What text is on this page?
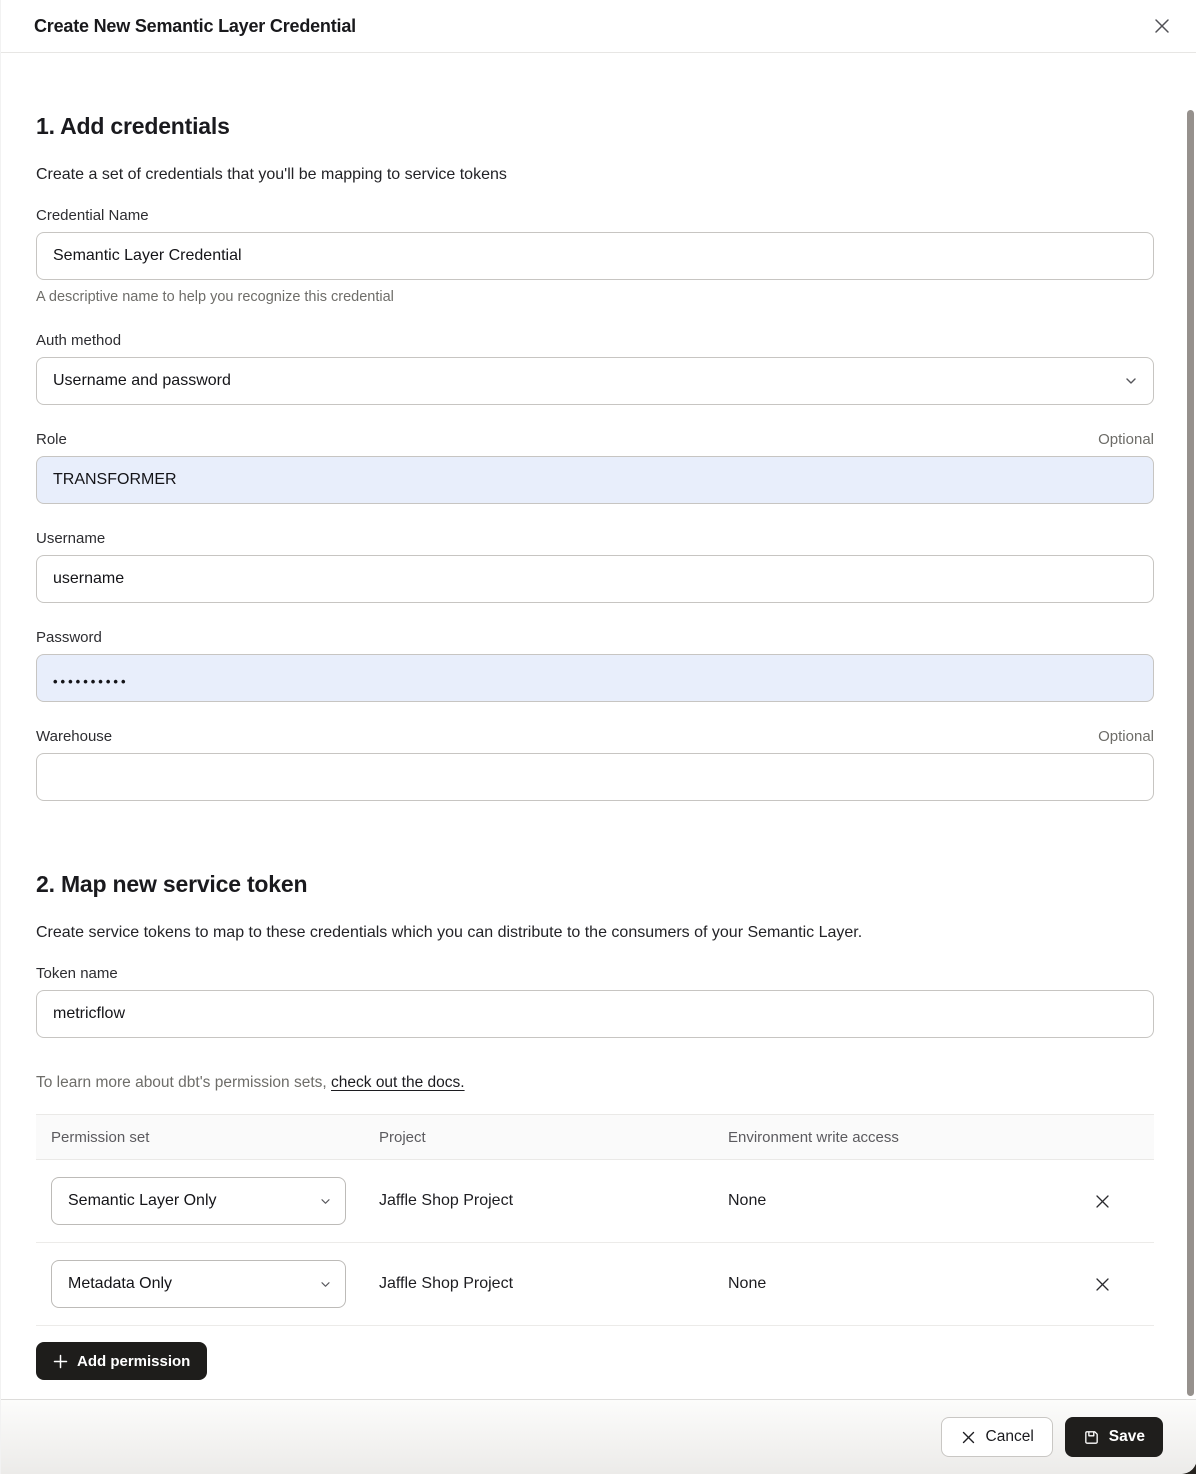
Create New Semantic Layer Credential
1. Add credentials

Create a set of credentials that you'll be mapping to service tokens

Credential Name
Semantic Layer Credential
A descriptive name to help you recognize this credential
Auth method
Username and password
Role	Optional
TRANSFORMER
Username
username
Password
••••••••••
Warehouse	Optional
2. Map new service token

Create service tokens to map to these credentials which you can distribute to the consumers of your Semantic Layer.

Token name
metricflow
To learn more about dbt's permission sets, check out the docs.
Permission set	Project	Environment write access
Semantic Layer Only	Jaffle Shop Project	None
Metadata Only	Jaffle Shop Project	None
Add permission
Cancel	Save
